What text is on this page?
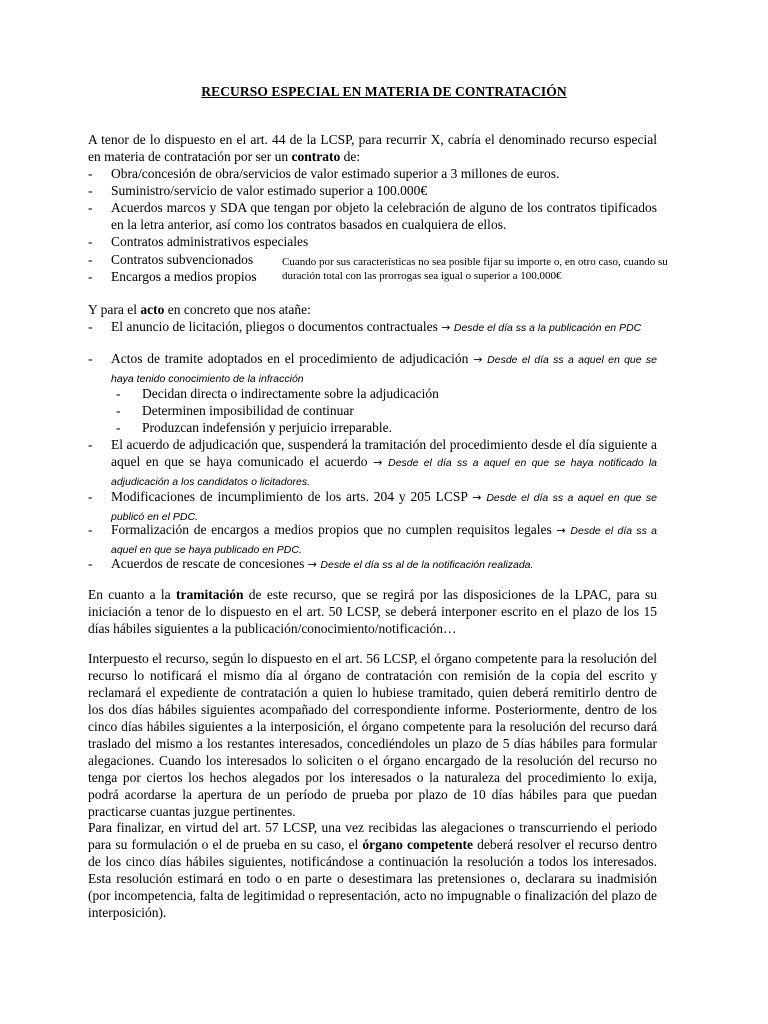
RECURSO ESPECIAL EN MATERIA DE CONTRATACIÓN
A tenor de lo dispuesto en el art. 44 de la LCSP, para recurrir X, cabría el denominado recurso especial en materia de contratación por ser un contrato de:
- Obra/concesión de obra/servicios de valor estimado superior a 3 millones de euros.
- Suministro/servicio de valor estimado superior a 100.000€
- Acuerdos marcos y SDA que tengan por objeto la celebración de alguno de los contratos tipificados en la letra anterior, así como los contratos basados en cualquiera de ellos.
- Contratos administrativos especiales
- Contratos subvencionados
- Encargos a medios propios
Cuando por sus características no sea posible fijar su importe o, en otro caso, cuando su duración total con las prorrogas sea igual o superior a 100.000€
Y para el acto en concreto que nos atañe:
- El anuncio de licitación, pliegos o documentos contractuales → Desde el día ss a la publicación en PDC
- Actos de tramite adoptados en el procedimiento de adjudicación → Desde el día ss a aquel en que se haya tenido conocimiento de la infracción
- Decidan directa o indirectamente sobre la adjudicación
- Determinen imposibilidad de continuar
- Produzcan indefensión y perjuicio irreparable.
- El acuerdo de adjudicación que, suspenderá la tramitación del procedimiento desde el día siguiente a aquel en que se haya comunicado el acuerdo → Desde el día ss a aquel en que se haya notificado la adjudicación a los candidatos o licitadores.
- Modificaciones de incumplimiento de los arts. 204 y 205 LCSP → Desde el día ss a aquel en que se publicó en el PDC.
- Formalización de encargos a medios propios que no cumplen requisitos legales → Desde el día ss a aquel en que se haya publicado en PDC.
- Acuerdos de rescate de concesiones → Desde el día ss al de la notificación realizada.
En cuanto a la tramitación de este recurso, que se regirá por las disposiciones de la LPAC, para su iniciación a tenor de lo dispuesto en el art. 50 LCSP, se deberá interponer escrito en el plazo de los 15 días hábiles siguientes a la publicación/conocimiento/notificación…
Interpuesto el recurso, según lo dispuesto en el art. 56 LCSP, el órgano competente para la resolución del recurso lo notificará el mismo día al órgano de contratación con remisión de la copia del escrito y reclamará el expediente de contratación a quien lo hubiese tramitado, quien deberá remitirlo dentro de los dos días hábiles siguientes acompañado del correspondiente informe. Posteriormente, dentro de los cinco días hábiles siguientes a la interposición, el órgano competente para la resolución del recurso dará traslado del mismo a los restantes interesados, concediéndoles un plazo de 5 días hábiles para formular alegaciones. Cuando los interesados lo soliciten o el órgano encargado de la resolución del recurso no tenga por ciertos los hechos alegados por los interesados o la naturaleza del procedimiento lo exija, podrá acordarse la apertura de un período de prueba por plazo de 10 días hábiles para que puedan practicarse cuantas juzgue pertinentes.
Para finalizar, en virtud del art. 57 LCSP, una vez recibidas las alegaciones o transcurriendo el periodo para su formulación o el de prueba en su caso, el órgano competente deberá resolver el recurso dentro de los cinco días hábiles siguientes, notificándose a continuación la resolución a todos los interesados. Esta resolución estimará en todo o en parte o desestimara las pretensiones o, declarara su inadmisión (por incompetencia, falta de legitimidad o representación, acto no impugnable o finalización del plazo de interposición).
